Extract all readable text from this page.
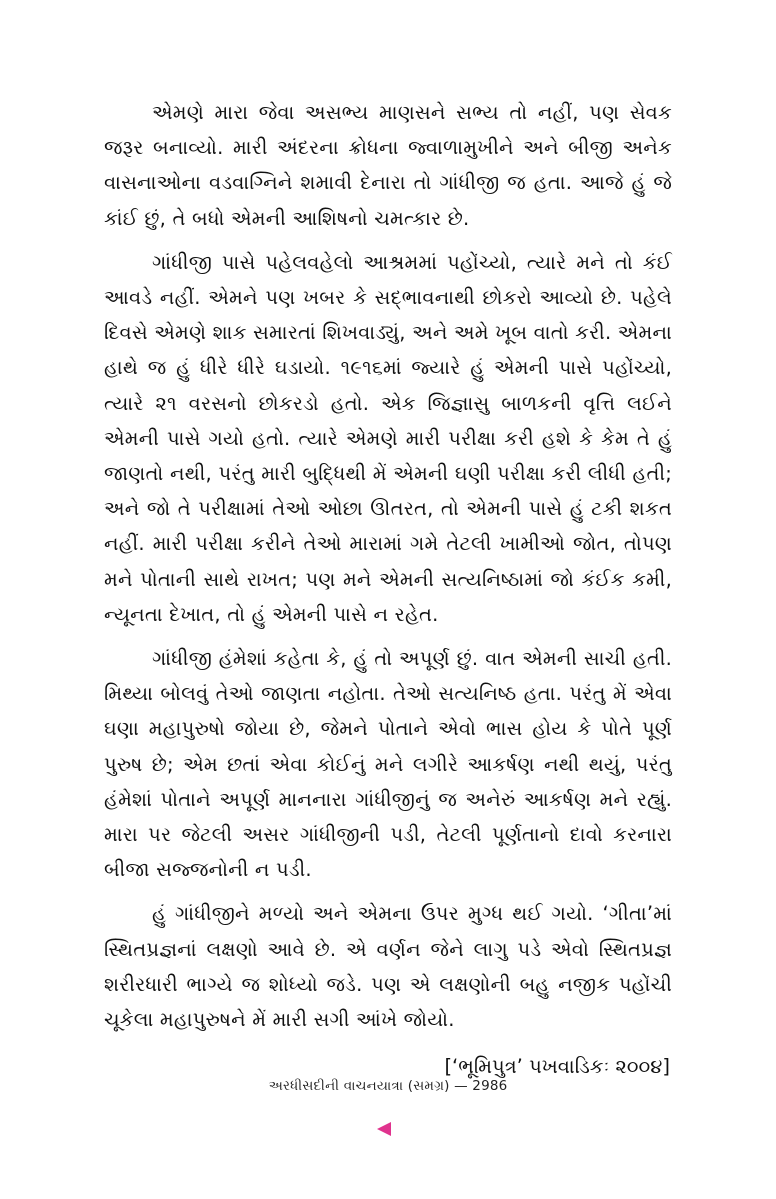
એમણે મારા જેવા અસભ્ય માણસને સભ્ય તો નહીં, પણ સેવક જરૂર બનાવ્યો. મારી અંદરના ક્રોધના જ્વાળામુખીને અને બીજી અનેક વાસનાઓના વડવાગ્નિને શમાવી દેનારા તો ગાંધીજી જ હતા. આજે હું જે કાંઈ છું, તે બધો એમની આશિષનો ચમત્કાર છે.

ગાંધીજી પાસે પહેલવહેલો આશ્રમમાં પહોંચ્યો, ત્યારે મને તો કંઈ આવડે નહીં. એમને પણ ખબર કે સદ્ભાવનાથી છોકરો આવ્યો છે. પહેલે દિવસે એમણે શાક સમારતાં શિખવાડ્યું, અને અમે ખૂબ વાતો કરી. એમના હાથે જ હું ધીરે ધીરે ઘડાયો. ૧૯૧૬માં જ્યારે હું એમની પાસે પહોંચ્યો, ત્યારે ૨૧ વરસનો છોકરડો હતો. એક જિજ્ઞાસુ બાળકની વૃત્તિ લઈને એમની પાસે ગયો હતો. ત્યારે એમણે મારી પરીક્ષા કરી હશે કે કેમ તે હું જાણતો નથી, પરંતુ મારી બુદ્ધિથી મેં એમની ઘણી પરીક્ષા કરી લીધી હતી; અને જો તે પરીક્ષામાં તેઓ ઓછા ઊતરત, તો એમની પાસે હું ટકી શકત નહીં. મારી પરીક્ષા કરીને તેઓ મારામાં ગમે તેટલી ખામીઓ જોત, તોપણ મને પોતાની સાથે રાખત; પણ મને એમની સત્યનિષ્ઠામાં જો કંઈક કમી, ન્યૂનતા દેખાત, તો હું એમની પાસે ન રહેત.

ગાંધીજી હંમેશાં કહેતા કે, હું તો અપૂર્ણ છું. વાત એમની સાચી હતી. મિથ્યા બોલવું તેઓ જાણતા નહોતા. તેઓ સત્યનિષ્ઠ હતા. પરંતુ મેં એવા ઘણા મહાપુરુષો જોયા છે, જેમને પોતાને એવો ભાસ હોય કે પોતે પૂર્ણ પુરુષ છે; એમ છતાં એવા કોઈનું મને લગીરે આકર્ષણ નથી થયું, પરંતુ હંમેશાં પોતાને અપૂર્ણ માનનારા ગાંધીજીનું જ અનેરું આકર્ષણ મને રહ્યું. મારા પર જેટલી અસર ગાંધીજીની પડી, તેટલી પૂર્ણતાનો દાવો કરનારા બીજા સજ્જનોની ન પડી.

હું ગાંધીજીને મળ્યો અને એમના ઉપર મુગ્ધ થઈ ગયો. ‘ગીતા’માં સ્થિતપ્રજ્ઞનાં લક્ષણો આવે છે. એ વર્ણન જેને લાગુ પડે એવો સ્થિતપ્રજ્ઞ શરીરધારી ભાગ્યે જ શોધ્યો જડે. પણ એ લક્ષણોની બહુ નજીક પહોંચી ચૂકેલા મહાપુરુષને મેં મારી સગી આંખે જોયો.

[‘ભૂમિપુત્ર’ પખવાડિકઃ ૨૦૦૪]
અરધીસદીની વાચનયાત્રા (સમગ્ર) — 2986
